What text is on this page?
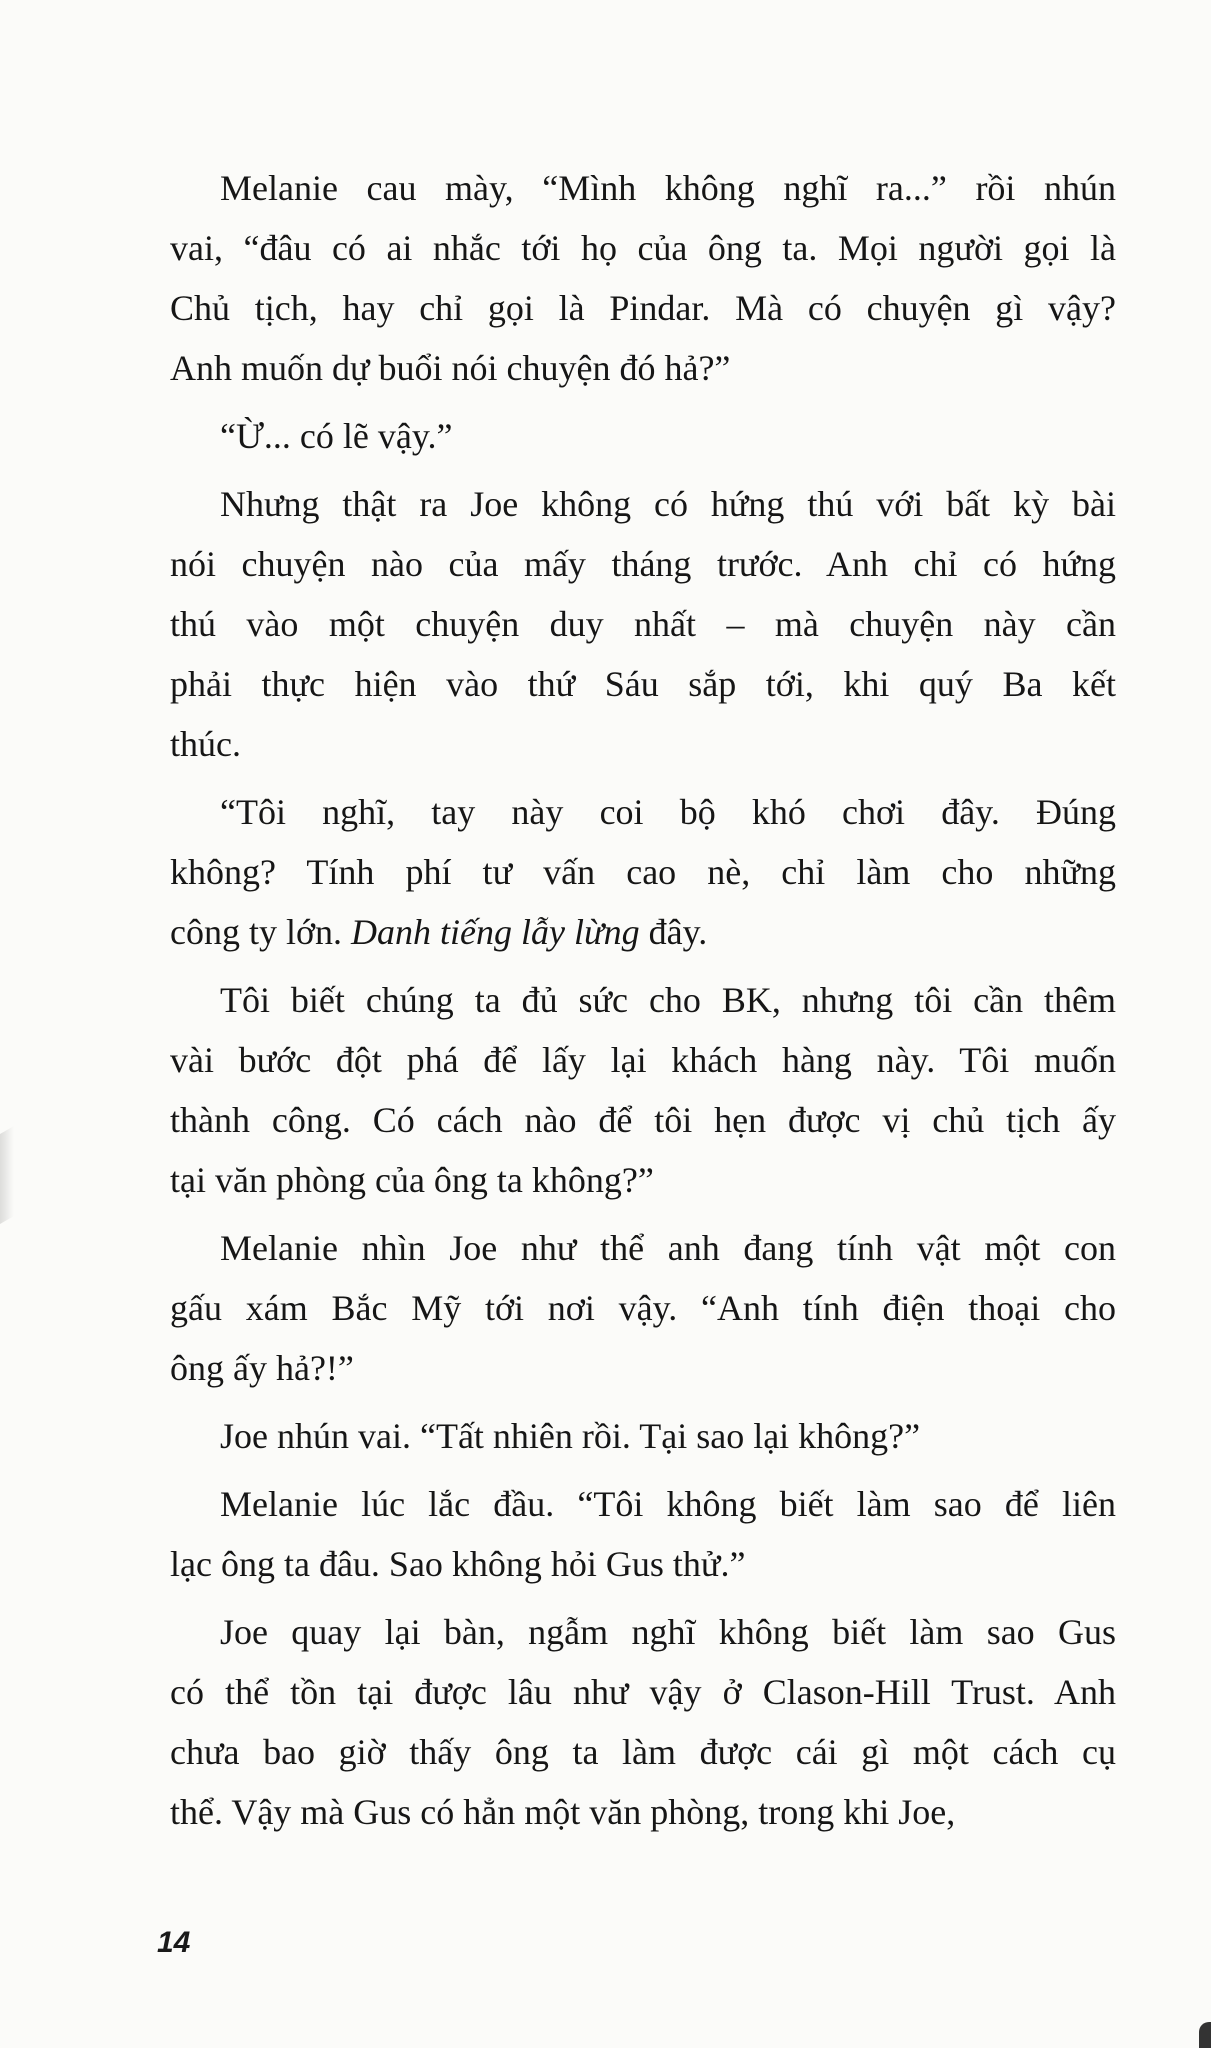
Melanie cau mày, “Mình không nghĩ ra...” rồi nhún
vai, “đâu có ai nhắc tới họ của ông ta. Mọi người gọi là
Chủ tịch, hay chỉ gọi là Pindar. Mà có chuyện gì vậy?
Anh muốn dự buổi nói chuyện đó hả?”
“Ừ... có lẽ vậy.”
Nhưng thật ra Joe không có hứng thú với bất kỳ bài
nói chuyện nào của mấy tháng trước. Anh chỉ có hứng
thú vào một chuyện duy nhất – mà chuyện này cần
phải thực hiện vào thứ Sáu sắp tới, khi quý Ba kết
thúc.
“Tôi nghĩ, tay này coi bộ khó chơi đây. Đúng
không? Tính phí tư vấn cao nè, chỉ làm cho những
công ty lớn. Danh tiếng lẫy lừng đây.
Tôi biết chúng ta đủ sức cho BK, nhưng tôi cần thêm
vài bước đột phá để lấy lại khách hàng này. Tôi muốn
thành công. Có cách nào để tôi hẹn được vị chủ tịch ấy
tại văn phòng của ông ta không?”
Melanie nhìn Joe như thể anh đang tính vật một con
gấu xám Bắc Mỹ tới nơi vậy. “Anh tính điện thoại cho
ông ấy hả?!”
Joe nhún vai. “Tất nhiên rồi. Tại sao lại không?”
Melanie lúc lắc đầu. “Tôi không biết làm sao để liên
lạc ông ta đâu. Sao không hỏi Gus thử.”
Joe quay lại bàn, ngẫm nghĩ không biết làm sao Gus
có thể tồn tại được lâu như vậy ở Clason-Hill Trust. Anh
chưa bao giờ thấy ông ta làm được cái gì một cách cụ
thể. Vậy mà Gus có hẳn một văn phòng, trong khi Joe,
14
